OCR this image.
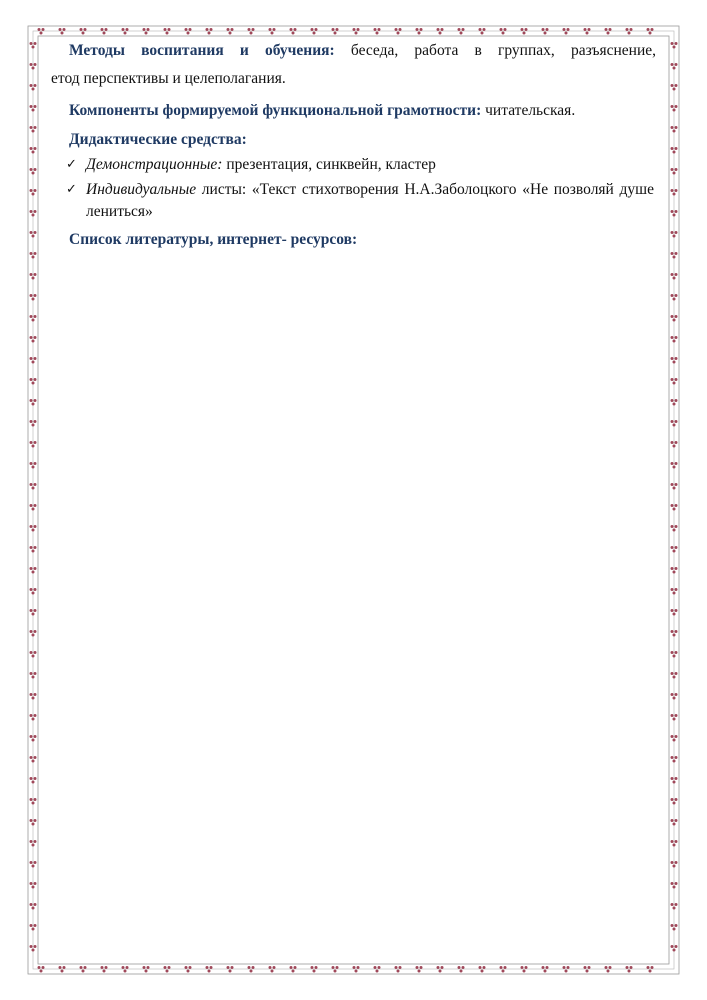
Методы воспитания и обучения: беседа, работа в группах, разъяснение,

етод перспективы и целеполагания.

Компоненты формируемой функциональной грамотности: читательская.

Дидактические средства:

✓ Демонстрационные: презентация, синквейн, кластер
✓ Индивидуальные листы: «Текст стихотворения Н.А.Заболоцкого «Не позволяй душе лениться»

Список литературы, интернет- ресурсов:
